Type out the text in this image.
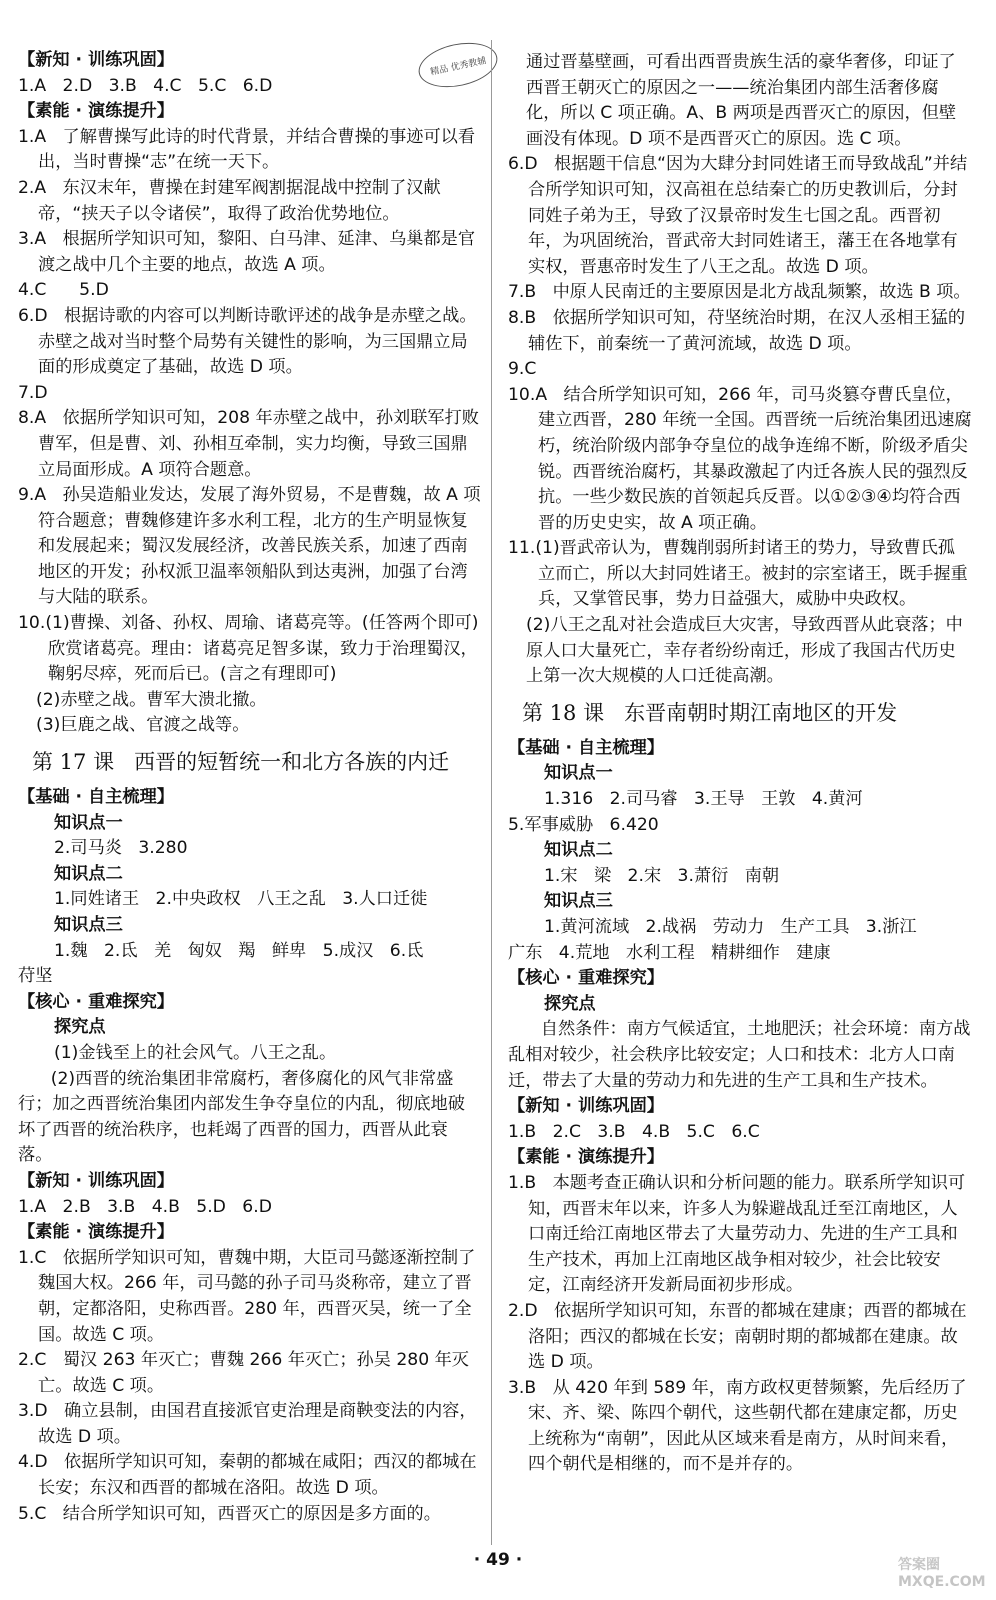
精品 优秀教辅
【新知 · 训练巩固】
1.A   2.D   3.B   4.C   5.C   6.D
【素能 · 演练提升】
1.A   了解曹操写此诗的时代背景，并结合曹操的事迹可以看出，当时曹操“志”在统一天下。
2.A   东汉末年，曹操在封建军阀割据混战中控制了汉献帝，“挟天子以令诸侯”，取得了政治优势地位。
3.A   根据所学知识可知，黎阳、白马津、延津、乌巢都是官渡之战中几个主要的地点，故选 A 项。
4.C      5.D
6.D   根据诗歌的内容可以判断诗歌评述的战争是赤壁之战。赤壁之战对当时整个局势有关键性的影响，为三国鼎立局面的形成奠定了基础，故选 D 项。
7.D
8.A   依据所学知识可知，208 年赤壁之战中，孙刘联军打败曹军，但是曹、刘、孙相互牵制，实力均衡，导致三国鼎立局面形成。A 项符合题意。
9.A   孙吴造船业发达，发展了海外贸易，不是曹魏，故 A 项符合题意；曹魏修建许多水利工程，北方的生产明显恢复和发展起来；蜀汉发展经济，改善民族关系，加速了西南地区的开发；孙权派卫温率领船队到达夷洲，加强了台湾与大陆的联系。
10.(1)曹操、刘备、孙权、周瑜、诸葛亮等。(任答两个即可)欣赏诸葛亮。理由：诸葛亮足智多谋，致力于治理蜀汉，鞠躬尽瘁，死而后已。(言之有理即可)
(2)赤壁之战。曹军大溃北撤。
(3)巨鹿之战、官渡之战等。
第 17 课   西晋的短暂统一和北方各族的内迁
【基础 · 自主梳理】
知识点一
2.司马炎   3.280
知识点二
1.同姓诸王   2.中央政权   八王之乱   3.人口迁徙
知识点三
1.魏   2.氐   羌   匈奴   羯   鲜卑   5.成汉   6.氐
苻坚
【核心 · 重难探究】
探究点
(1)金钱至上的社会风气。八王之乱。
(2)西晋的统治集团非常腐朽，奢侈腐化的风气非常盛行；加之西晋统治集团内部发生争夺皇位的内乱，彻底地破坏了西晋的统治秩序，也耗竭了西晋的国力，西晋从此衰落。
【新知 · 训练巩固】
1.A   2.B   3.B   4.B   5.D   6.D
【素能 · 演练提升】
1.C   依据所学知识可知，曹魏中期，大臣司马懿逐渐控制了魏国大权。266 年，司马懿的孙子司马炎称帝，建立了晋朝，定都洛阳，史称西晋。280 年，西晋灭吴，统一了全国。故选 C 项。
2.C   蜀汉 263 年灭亡；曹魏 266 年灭亡；孙吴 280 年灭亡。故选 C 项。
3.D   确立县制，由国君直接派官吏治理是商鞅变法的内容，故选 D 项。
4.D   依据所学知识可知，秦朝的都城在咸阳；西汉的都城在长安；东汉和西晋的都城在洛阳。故选 D 项。
5.C   结合所学知识可知，西晋灭亡的原因是多方面的。
通过晋墓壁画，可看出西晋贵族生活的豪华奢侈，印证了西晋王朝灭亡的原因之一——统治集团内部生活奢侈腐化，所以 C 项正确。A、B 两项是西晋灭亡的原因，但壁画没有体现。D 项不是西晋灭亡的原因。选 C 项。
6.D   根据题干信息“因为大肆分封同姓诸王而导致战乱”并结合所学知识可知，汉高祖在总结秦亡的历史教训后，分封同姓子弟为王，导致了汉景帝时发生七国之乱。西晋初年，为巩固统治，晋武帝大封同姓诸王，藩王在各地掌有实权，晋惠帝时发生了八王之乱。故选 D 项。
7.B   中原人民南迁的主要原因是北方战乱频繁，故选 B 项。
8.B   依据所学知识可知，苻坚统治时期，在汉人丞相王猛的辅佐下，前秦统一了黄河流域，故选 D 项。
9.C
10.A   结合所学知识可知，266 年，司马炎篡夺曹氏皇位，建立西晋，280 年统一全国。西晋统一后统治集团迅速腐朽，统治阶级内部争夺皇位的战争连绵不断，阶级矛盾尖锐。西晋统治腐朽，其暴政激起了内迁各族人民的强烈反抗。一些少数民族的首领起兵反晋。以①②③④均符合西晋的历史史实，故 A 项正确。
11.(1)晋武帝认为，曹魏削弱所封诸王的势力，导致曹氏孤立而亡，所以大封同姓诸王。被封的宗室诸王，既手握重兵，又掌管民事，势力日益强大，威胁中央政权。
(2)八王之乱对社会造成巨大灾害，导致西晋从此衰落；中原人口大量死亡，幸存者纷纷南迁，形成了我国古代历史上第一次大规模的人口迁徙高潮。
第 18 课   东晋南朝时期江南地区的开发
【基础 · 自主梳理】
知识点一
1.316   2.司马睿   3.王导   王敦   4.黄河
5.军事威胁   6.420
知识点二
1.宋   梁   2.宋   3.萧衍   南朝
知识点三
1.黄河流域   2.战祸   劳动力   生产工具   3.浙江
广东   4.荒地   水利工程   精耕细作   建康
【核心 · 重难探究】
探究点
自然条件：南方气候适宜，土地肥沃；社会环境：南方战乱相对较少，社会秩序比较安定；人口和技术：北方人口南迁，带去了大量的劳动力和先进的生产工具和生产技术。
【新知 · 训练巩固】
1.B   2.C   3.B   4.B   5.C   6.C
【素能 · 演练提升】
1.B   本题考查正确认识和分析问题的能力。联系所学知识可知，西晋末年以来，许多人为躲避战乱迁至江南地区，人口南迁给江南地区带去了大量劳动力、先进的生产工具和生产技术，再加上江南地区战争相对较少，社会比较安定，江南经济开发新局面初步形成。
2.D   依据所学知识可知，东晋的都城在建康；西晋的都城在洛阳；西汉的都城在长安；南朝时期的都城都在建康。故选 D 项。
3.B   从 420 年到 589 年，南方政权更替频繁，先后经历了宋、齐、梁、陈四个朝代，这些朝代都在建康定都，历史上统称为“南朝”，因此从区域来看是南方，从时间来看，四个朝代是相继的，而不是并存的。
· 49 ·	答案圈 MXQE.COM
